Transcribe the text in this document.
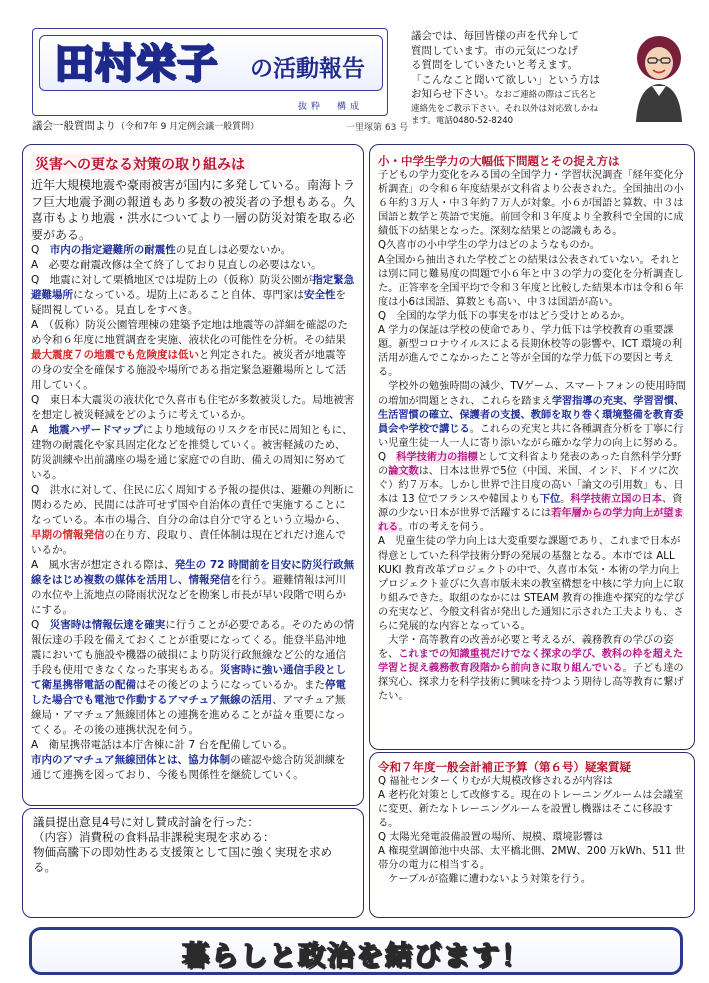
田村栄子 の活動報告
抜粋　構成
議会一般質問より（令和7年 9 月定例会議一般質問）	一里塚第 63 号
議会では、毎回皆様の声を代弁して
質問しています。市の元気につなげ
る質問をしていきたいと考えます。
「こんなこと聞いて欲しい」という方は
お知らせ下さい。なおご連絡の際はご氏名と
連絡先をご教示下さい。それ以外は対応致しかね
ます。電話0480-52-8240
災害への更なる対策の取り組みは
近年大規模地震や豪雨被害が国内に多発している。南海トラフ巨大地震予測の報道もあり多数の被災者の予想もある。久喜市もより地震・洪水についてより一層の防災対策を取る必要がある。

Q　市内の指定避難所の耐震性の見直しは必要ないか。

A　必要な耐震改修は全て終了しており見直しの必要はない。

Q　地震に対して栗橋地区では堤防上の（仮称）防災公園が指定緊急避難場所になっている。堤防上にあること自体、専門家は安全性を疑問視している。見直しをすべき。

A　（仮称）防災公園管理棟の建築予定地は地震等の詳細を確認のため令和６年度に地質調査を実施、液状化の可能性を分析。その結果最大震度７の地震でも危険度は低いと判定された。被災者が地震等の身の安全を確保する施設や場所である指定緊急避難場所として活用していく。

Q　東日本大震災の液状化で久喜市も住宅が多数被災した。局地被害を想定し被災軽減をどのように考えているか。

A　地震ハザードマップにより地域毎のリスクを市民に周知ともに、建物の耐震化や家具固定化などを推奨していく。被害軽減のため、防災訓練や出前講座の場を通じ家庭での自助、備えの周知に努めている。

Q　洪水に対して、住民に広く周知する予報の提供は、避難の判断に関わるため、民間には許可せず国や自治体の責任で実施することになっている。本市の場合、自分の命は自分で守るという立場から、早期の情報発信の在り方、段取り、責任体制は現在どれだけ進んでいるか。

A　風水害が想定される際は、発生の 72 時間前を目安に防災行政無線をはじめ複数の媒体を活用し、情報発信を行う。避難情報は河川の水位や上流地点の降雨状況などを勘案し市長が早い段階で明らかにする。

Q　災害時は情報伝達を確実に行うことが必要である。そのための情報伝達の手段を備えておくことが重要になってくる。能登半島沖地震においても施設や機器の破損により防災行政無線など公的な通信手段も使用できなくなった事実もある。災害時に強い通信手段として衛星携帯電話の配備はその後どのようになっているか。また停電した場合でも電池で作動するアマチュア無線の活用、アマチュア無線局・アマチュア無線団体との連携を進めることが益々重要になってくる。その後の連携状況を伺う。

A　衛星携帯電話は本庁舎棟に計 7 台を配備している。
市内のアマチュア無線団体とは、協力体制の確認や総合防災訓練を通じて連携を図っており、今後も関係性を継続していく。

小・中学生学力の大幅低下問題とその捉え方は

子どもの学力変化をみる国の全国学力・学習状況調査「経年変化分析調査」の令和６年度結果が文科省より公表された。全国抽出の小６年約３万人・中３年約７万人が対象。小６が国語と算数、中３は国語と数学と英語で実施。前回令和３年度より全教科で全国的に成績低下の結果となった。深刻な結果との認識もある。

Q久喜市の小中学生の学力はどのようなものか。

A全国から抽出された学校ごとの結果は公表されていない。それとは別に同じ難易度の問題で小６年と中３の学力の変化を分析調査した。正答率を全国平均で令和３年度と比較した結果本市は令和６年度は小6は国語、算数とも高い、中３は国語が高い。

Q　全国的な学力低下の事実を市はどう受けとめるか。

A 学力の保証は学校の使命であり、学力低下は学校教育の重要課題。新型コロナウイルスによる長期休校等の影響や、ICT 環境の利活用が進んでこなかったこと等が全国的な学力低下の要因と考える。

　学校外の勉強時間の減少、TVゲーム、スマートフォンの使用時間の増加が問題とされ、これらを踏まえ学習指導の充実、学習習慣、生活習慣の確立、保護者の支援、教師を取り巻く環境整備を教育委員会や学校で講じる。これらの充実と共に各種調査分析を丁寧に行い児童生徒一人一人に寄り添いながら確かな学力の向上に努める。

Q　科学技術力の指標として文科省より発表のあった自然科学分野の論文数は、日本は世界で5位（中国、米国、インド、ドイツに次ぐ）約７万本。しかし世界で注目度の高い「論文の引用数」も、日本は 13 位でフランスや韓国よりも下位。科学技術立国の日本、資源の少ない日本が世界で活躍するには若年層からの学力向上が望まれる。市の考えを伺う。

A　児童生徒の学力向上は大変重要な課題であり、これまで日本が得意としていた科学技術分野の発展の基盤となる。本市では ALL KUKI 教育改革プロジェクトの中で、久喜市本気・本術の学力向上プロジェクト並びに久喜市版未来の教室構想を中核に学力向上に取り組みできた。取組のなかには STEAM 教育の推進や探究的な学びの充実など、今般文科省が発出した通知に示された工夫よりも、さらに発展的な内容となっている。

　大学・高等教育の改善が必要と考えるが、義務教育の学びの姿を、これまでの知識重視だけでなく探求の学び、教科の枠を超えた学習と捉え義務教育段階から前向きに取り組んでいる。子ども達の探究心、探求力を科学技術に興味を持つよう期待し高等教育に繋げたい。

令和７年度一般会計補正予算（第６号）疑案質疑

Q 福祉センターくりむが大規模改修されるが内容は

A 老朽化対策として改修する。現在のトレーニングルームは会議室に変更、新たなトレーニングルームを設置し機器はそこに移設する。

Q 太陽光発電設備設置の場所、規模、環境影響は

A 権現堂調節池中央部、太平橋北側、2MW、200 万kWh、511 世帯分の電力に相当する。

　ケーブルが盗難に遭わないよう対策を行う。

議員提出意見4号に対し賛成討論を行った：

（内容）消費税の食料品非課税実現を求める：

物価高騰下の即効性ある支援策として国に強く実現を求める。

暮らしと政治を結びます！
